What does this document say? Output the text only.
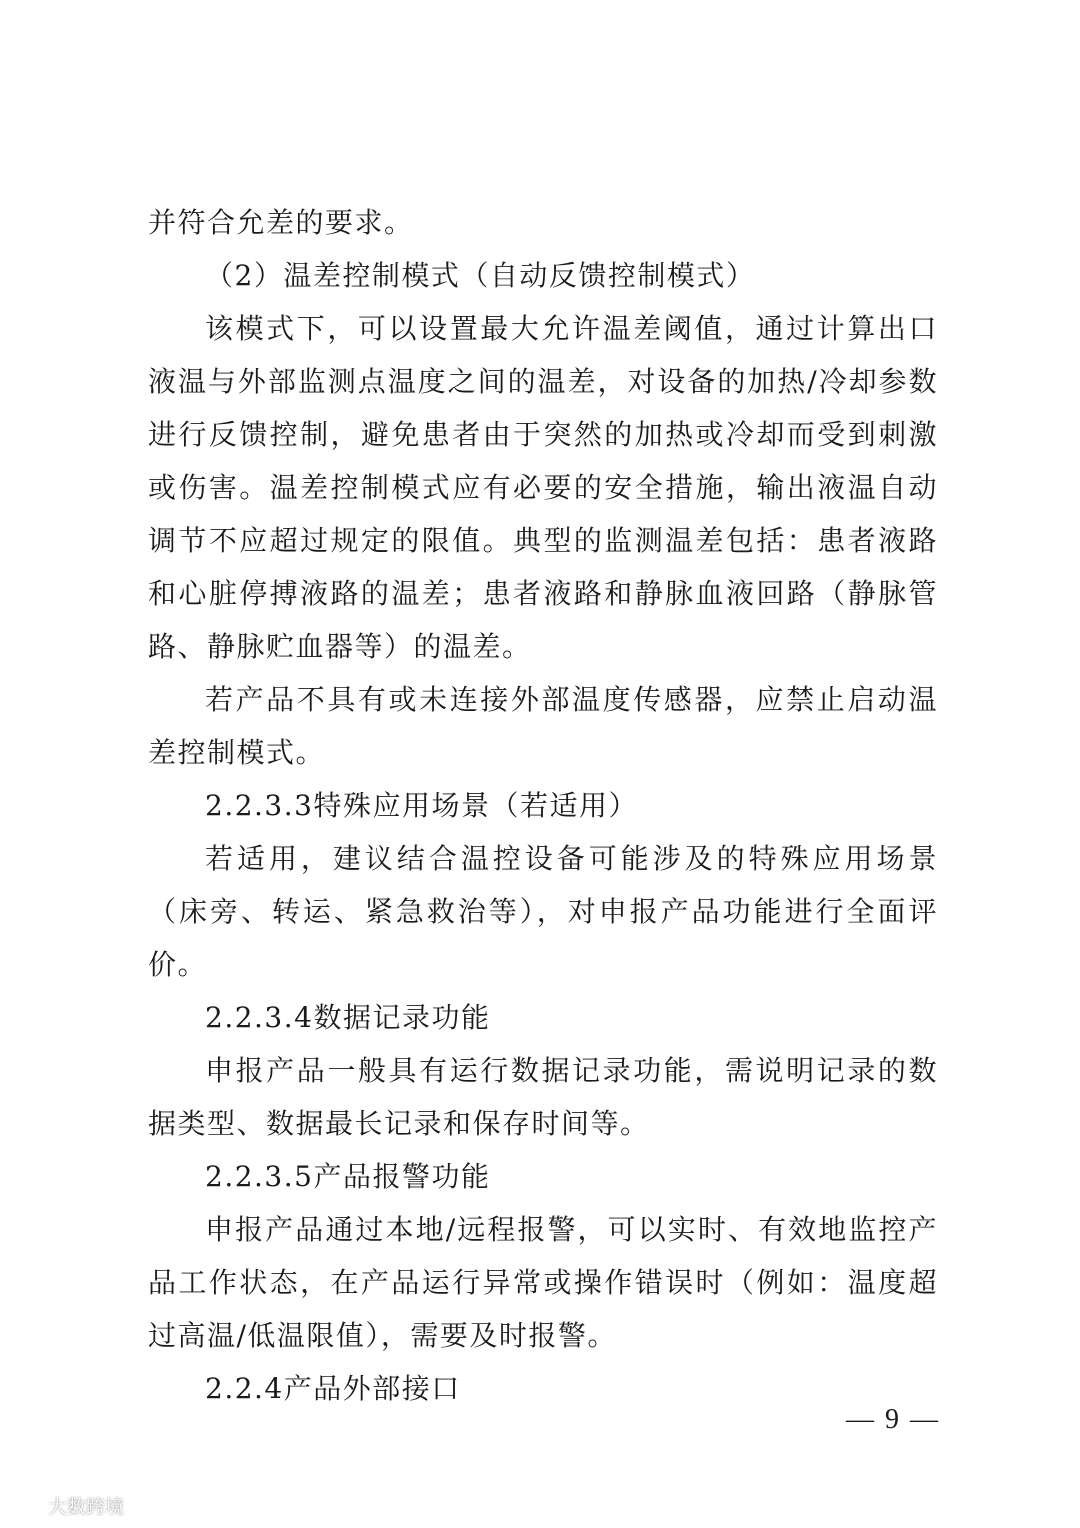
并符合允差的要求。

（2）温差控制模式（自动反馈控制模式）

该模式下，可以设置最大允许温差阈值，通过计算出口液温与外部监测点温度之间的温差，对设备的加热/冷却参数进行反馈控制，避免患者由于突然的加热或冷却而受到刺激或伤害。温差控制模式应有必要的安全措施，输出液温自动调节不应超过规定的限值。典型的监测温差包括：患者液路和心脏停搏液路的温差；患者液路和静脉血液回路（静脉管路、静脉贮血器等）的温差。

若产品不具有或未连接外部温度传感器，应禁止启动温差控制模式。

2.2.3.3特殊应用场景（若适用）

若适用，建议结合温控设备可能涉及的特殊应用场景（床旁、转运、紧急救治等），对申报产品功能进行全面评价。

2.2.3.4数据记录功能

申报产品一般具有运行数据记录功能，需说明记录的数据类型、数据最长记录和保存时间等。

2.2.3.5产品报警功能

申报产品通过本地/远程报警，可以实时、有效地监控产品工作状态，在产品运行异常或操作错误时（例如：温度超过高温/低温限值），需要及时报警。

2.2.4产品外部接口

— 9 —
大数跨境
